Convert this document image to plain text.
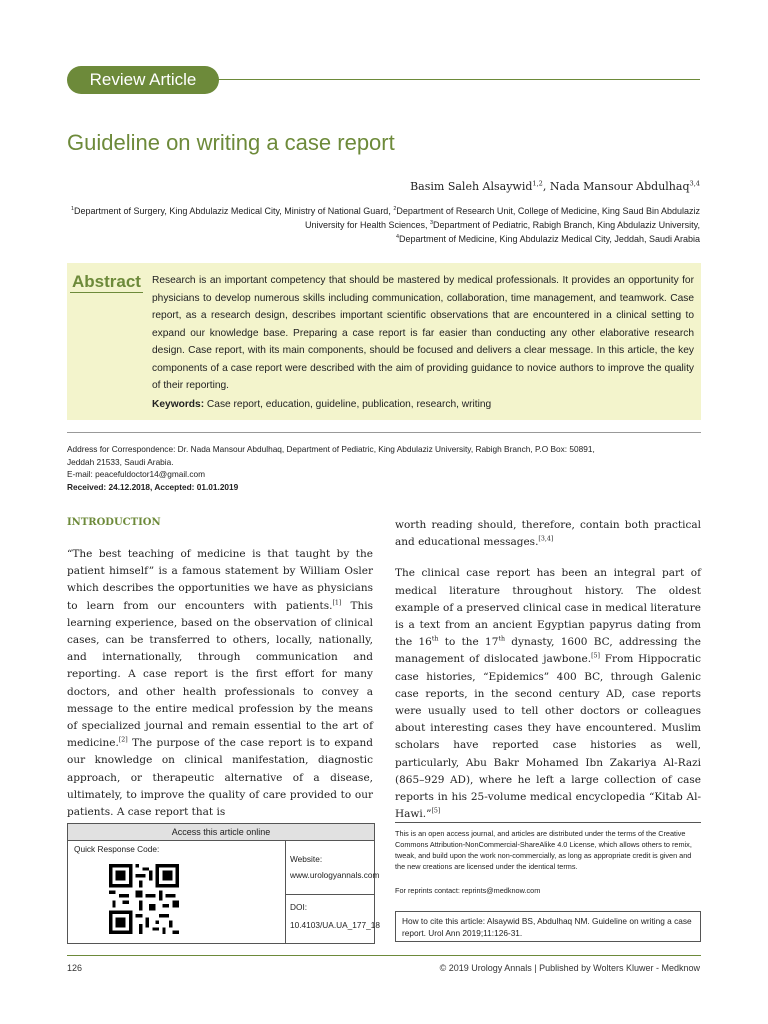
Review Article
Guideline on writing a case report
Basim Saleh Alsaywid$^{1,2}$, Nada Mansour Abdulhaq$^{3,4}$
$^1$Department of Surgery, King Abdulaziz Medical City, Ministry of National Guard, $^2$Department of Research Unit, College of Medicine, King Saud Bin Abdulaziz University for Health Sciences, $^3$Department of Pediatric, Rabigh Branch, King Abdulaziz University,
$^4$Department of Medicine, King Abdulaziz Medical City, Jeddah, Saudi Arabia
Abstract Research is an important competency that should be mastered by medical professionals. It provides an opportunity for physicians to develop numerous skills including communication, collaboration, time management, and teamwork. Case report, as a research design, describes important scientific observations that are encountered in a clinical setting to expand our knowledge base. Preparing a case report is far easier than conducting any other elaborative research design. Case report, with its main components, should be focused and delivers a clear message. In this article, the key components of a case report were described with the aim of providing guidance to novice authors to improve the quality of their reporting.
Keywords: Case report, education, guideline, publication, research, writing
Address for Correspondence: Dr. Nada Mansour Abdulhaq, Department of Pediatric, King Abdulaziz University, Rabigh Branch, P.O Box: 50891,
Jeddah 21533, Saudi Arabia.
E-mail: peacefuldoctor14@gmail.com
Received: 24.12.2018, Accepted: 01.01.2019
INTRODUCTION
“The best teaching of medicine is that taught by the patient himself” is a famous statement by William Osler which describes the opportunities we have as physicians to learn from our encounters with patients.[1] This learning experience, based on the observation of clinical cases, can be transferred to others, locally, nationally, and internationally, through communication and reporting. A case report is the first effort for many doctors, and other health professionals to convey a message to the entire medical profession by the means of specialized journal and remain essential to the art of medicine.[2] The purpose of the case report is to expand our knowledge on clinical manifestation, diagnostic approach, or therapeutic alternative of a disease, ultimately, to improve the quality of care provided to our patients. A case report that is

worth reading should, therefore, contain both practical and educational messages.[3,4]

The clinical case report has been an integral part of medical literature throughout history. The oldest example of a preserved clinical case in medical literature is a text from an ancient Egyptian papyrus dating from the 16th to the 17th dynasty, 1600 BC, addressing the management of dislocated jawbone.[5] From Hippocratic case histories, “Epidemics” 400 BC, through Galenic case reports, in the second century AD, case reports were usually used to tell other doctors or colleagues about interesting cases they have encountered. Muslim scholars have reported case histories as well, particularly, Abu Bakr Mohamed Ibn Zakariya Al-Razi (865–929 AD), where he left a large collection of case reports in his 25-volume medical encyclopedia “Kitab Al-Hawi.”[5]

Access this article online
Quick Response Code:
Website:
www.urologyannals.com
DOI:
10.4103/UA.UA_177_18
This is an open access journal, and articles are distributed under the terms of the Creative Commons Attribution-NonCommercial-ShareAlike 4.0 License, which allows others to remix, tweak, and build upon the work non-commercially, as long as appropriate credit is given and the new creations are licensed under the identical terms.
For reprints contact: reprints@medknow.com
How to cite this article: Alsaywid BS, Abdulhaq NM. Guideline on writing a case report. Urol Ann 2019;11:126-31.
126	© 2019 Urology Annals | Published by Wolters Kluwer - Medknow
